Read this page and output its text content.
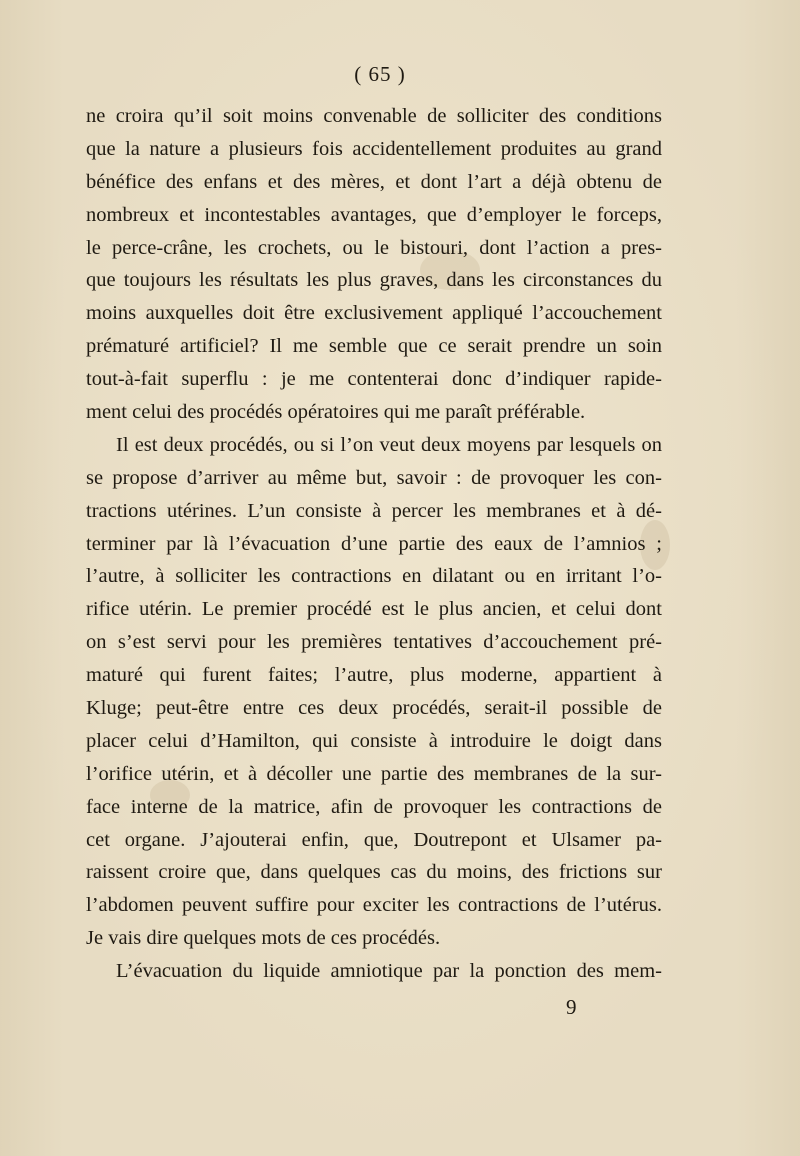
( 65 )
ne croira qu’il soit moins convenable de solliciter des conditions
que la nature a plusieurs fois accidentellement produites au grand
bénéfice des enfans et des mères, et dont l’art a déjà obtenu de
nombreux et incontestables avantages, que d’employer le forceps,
le perce-crâne, les crochets, ou le bistouri, dont l’action a pres-
que toujours les résultats les plus graves, dans les circonstances du
moins auxquelles doit être exclusivement appliqué l’accouchement
prématuré artificiel? Il me semble que ce serait prendre un soin
tout-à-fait superflu : je me contenterai donc d’indiquer rapide-
ment celui des procédés opératoires qui me paraît préférable.
Il est deux procédés, ou si l’on veut deux moyens par lesquels on
se propose d’arriver au même but, savoir : de provoquer les con-
tractions utérines. L’un consiste à percer les membranes et à dé-
terminer par là l’évacuation d’une partie des eaux de l’amnios ;
l’autre, à solliciter les contractions en dilatant ou en irritant l’o-
rifice utérin. Le premier procédé est le plus ancien, et celui dont
on s’est servi pour les premières tentatives d’accouchement pré-
maturé qui furent faites; l’autre, plus moderne, appartient à
Kluge; peut-être entre ces deux procédés, serait-il possible de
placer celui d’Hamilton, qui consiste à introduire le doigt dans
l’orifice utérin, et à décoller une partie des membranes de la sur-
face interne de la matrice, afin de provoquer les contractions de
cet organe. J’ajouterai enfin, que, Doutrepont et Ulsamer pa-
raissent croire que, dans quelques cas du moins, des frictions sur
l’abdomen peuvent suffire pour exciter les contractions de l’utérus.
Je vais dire quelques mots de ces procédés.
L’évacuation du liquide amniotique par la ponction des mem-
9
